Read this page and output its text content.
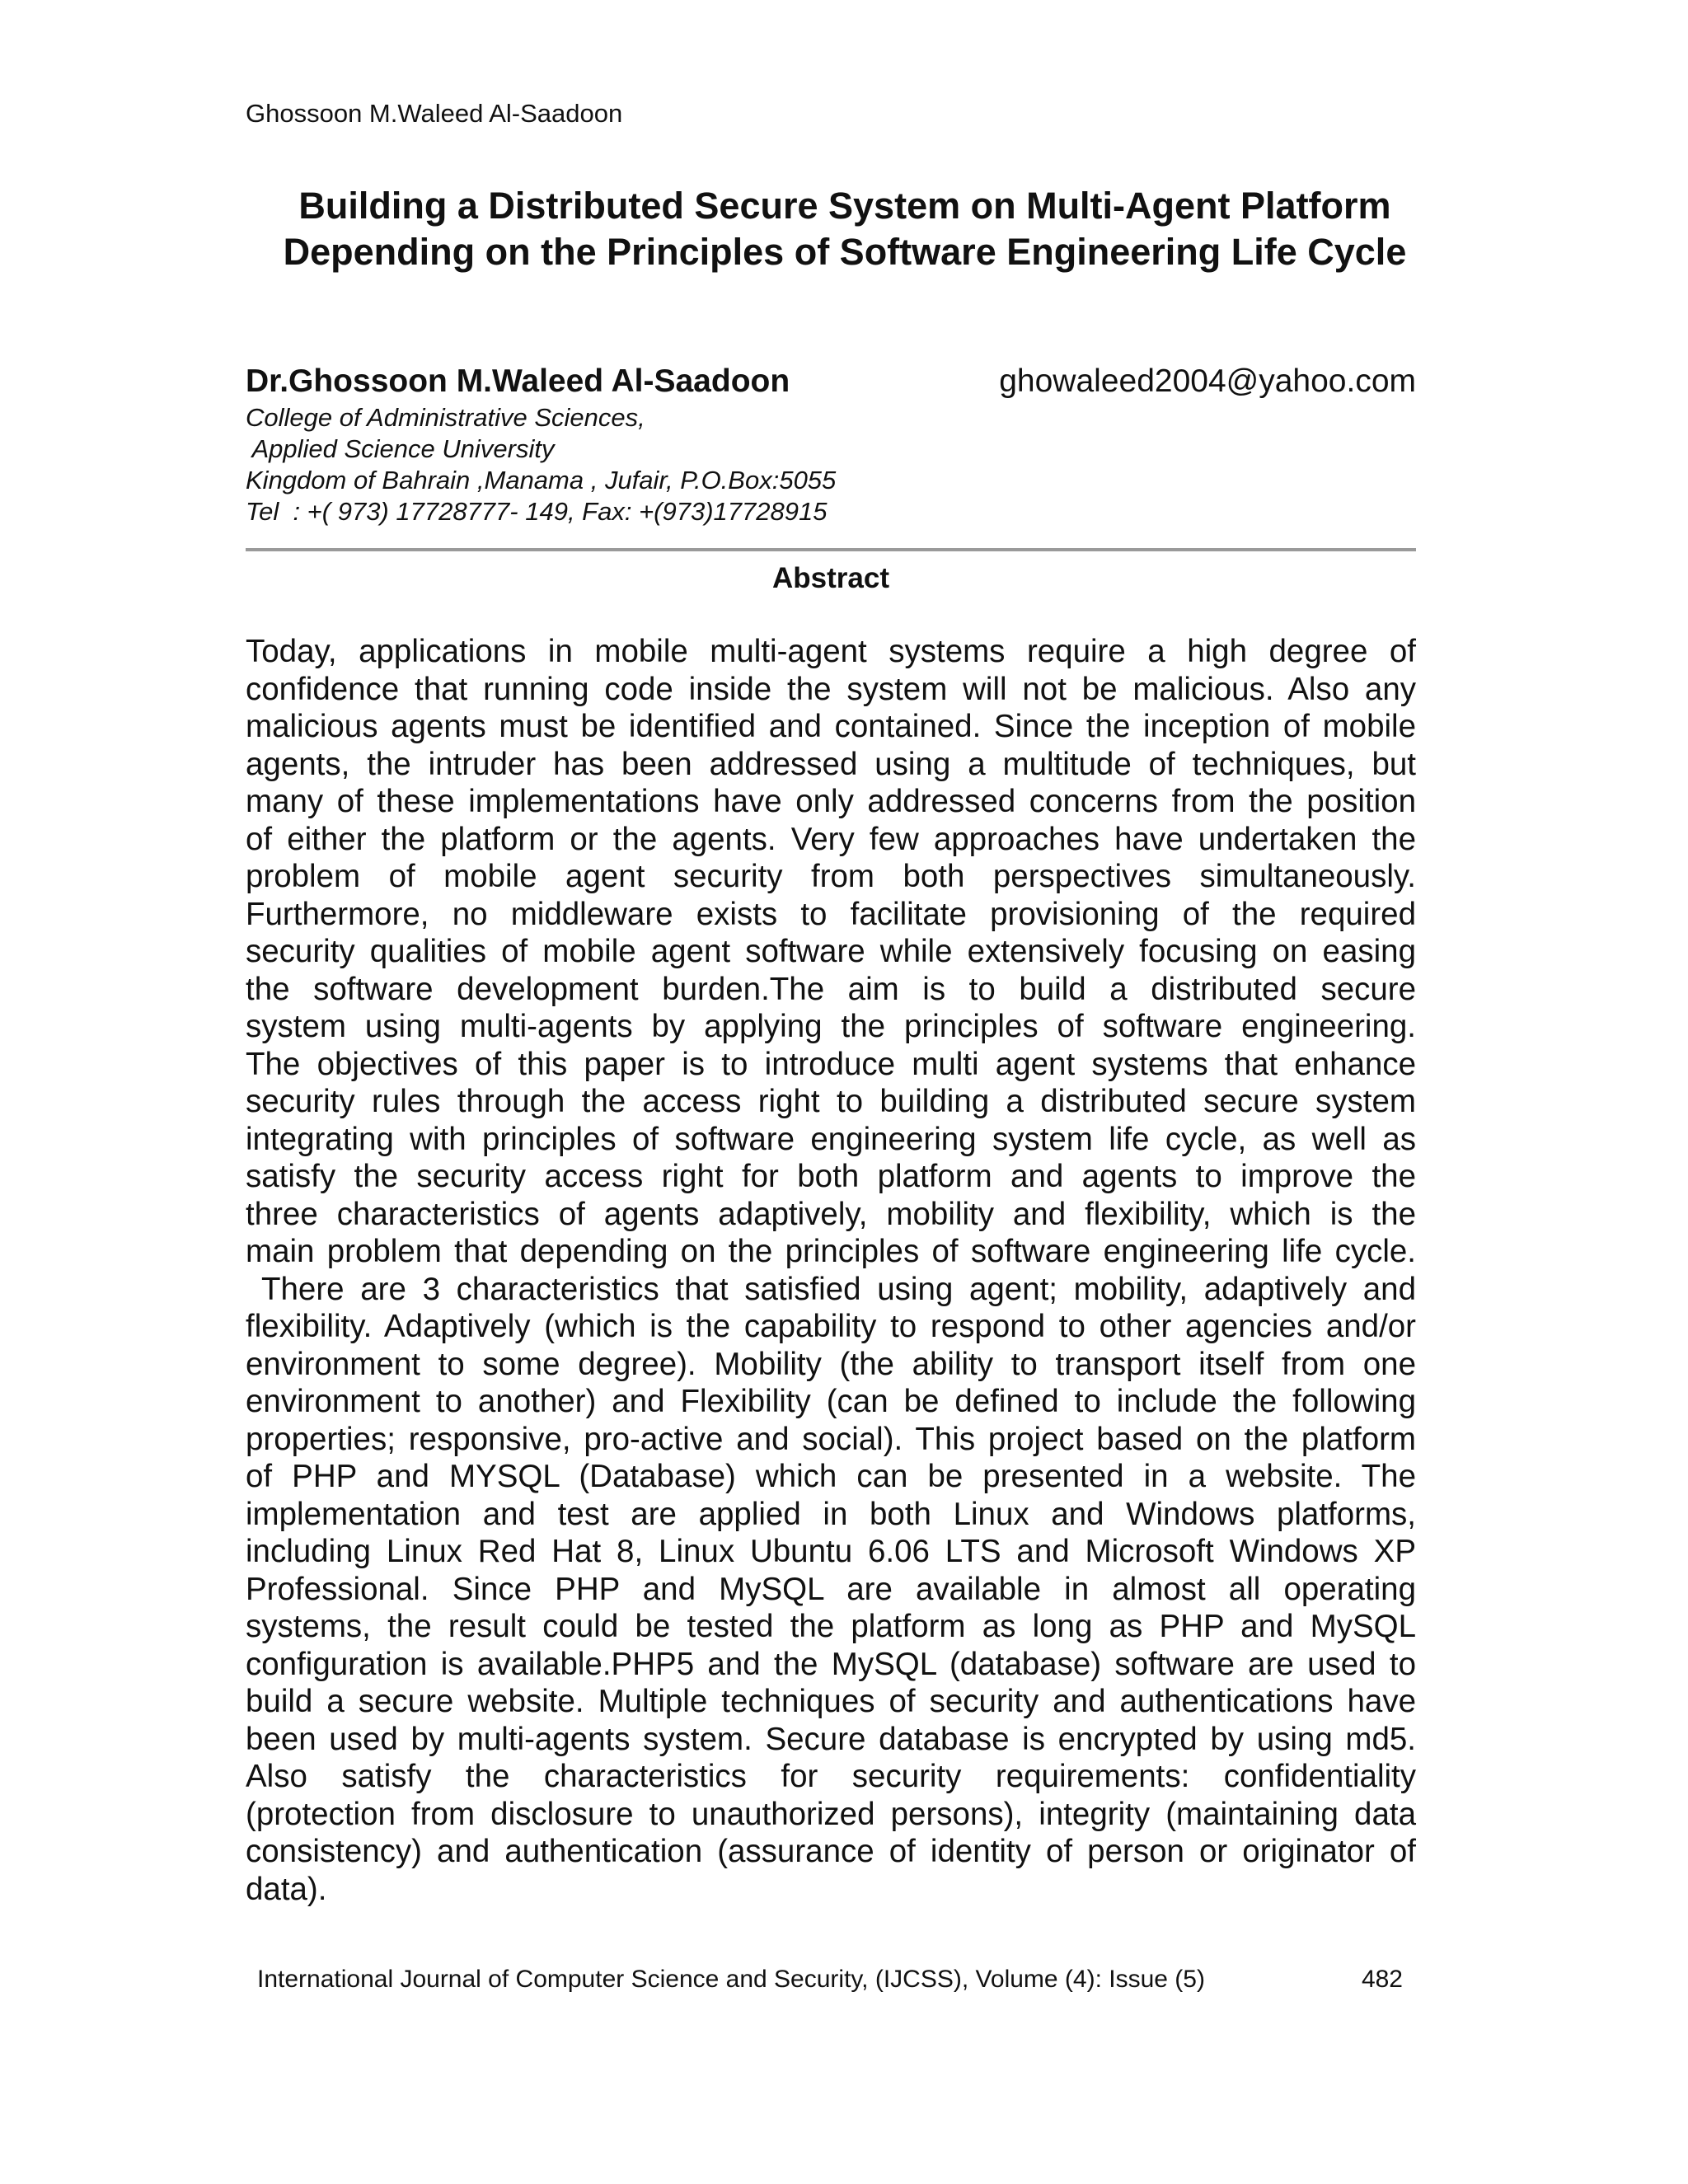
Ghossoon M.Waleed Al-Saadoon
Building a Distributed Secure System on Multi-Agent Platform
Depending on the Principles of Software Engineering Life Cycle
Dr.Ghossoon M.Waleed Al-Saadoon	ghowaleed2004@yahoo.com
College of Administrative Sciences,
Applied Science University
Kingdom of Bahrain ,Manama , Jufair, P.O.Box:5055
Tel  : +( 973) 17728777- 149, Fax: +(973)17728915
Abstract
Today, applications in mobile multi-agent systems require a high degree of
confidence that running code inside the system will not be malicious. Also any
malicious agents must be identified and contained. Since the inception of mobile
agents, the intruder has been addressed using a multitude of techniques, but
many of these implementations have only addressed concerns from the position
of either the platform or the agents. Very few approaches have undertaken the
problem of mobile agent security from both perspectives simultaneously.
Furthermore, no middleware exists to facilitate provisioning of the required
security qualities of mobile agent software while extensively focusing on easing
the software development burden.The aim is to build a distributed secure
system using multi-agents by applying the principles of software engineering.
The objectives of this paper is to introduce multi agent systems that enhance
security rules through the access right to building a distributed secure system
integrating with principles of software engineering system life cycle, as well as
satisfy the security access right for both platform and agents to improve the
three characteristics of agents adaptively, mobility and flexibility, which is the
main problem that depending on the principles of software engineering life cycle.
There are 3 characteristics that satisfied using agent; mobility, adaptively and
flexibility. Adaptively (which is the capability to respond to other agencies and/or
environment to some degree). Mobility (the ability to transport itself from one
environment to another) and Flexibility (can be defined to include the following
properties; responsive, pro-active and social). This project based on the platform
of PHP and MYSQL (Database) which can be presented in a website. The
implementation and test are applied in both Linux and Windows platforms,
including Linux Red Hat 8, Linux Ubuntu 6.06 LTS and Microsoft Windows XP
Professional. Since PHP and MySQL are available in almost all operating
systems, the result could be tested the platform as long as PHP and MySQL
configuration is available.PHP5 and the MySQL (database) software are used to
build a secure website. Multiple techniques of security and authentications have
been used by multi-agents system. Secure database is encrypted by using md5.
Also satisfy the characteristics for security requirements: confidentiality
(protection from disclosure to unauthorized persons), integrity (maintaining data
consistency) and authentication (assurance of identity of person or originator of
data).
International Journal of Computer Science and Security, (IJCSS), Volume (4): Issue (5)	482
